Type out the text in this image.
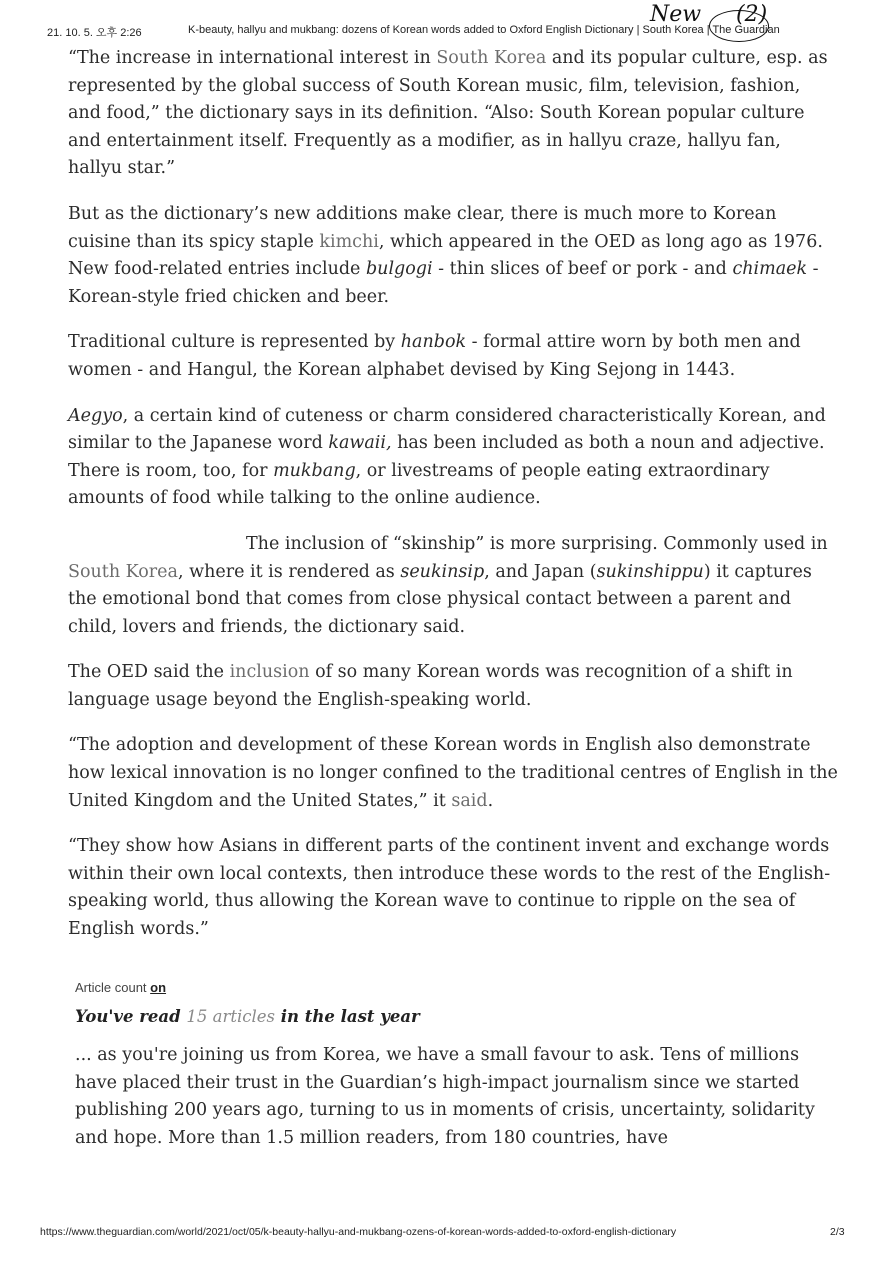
21. 10. 5. 오후 2:26	K-beauty, hallyu and mukbang: dozens of Korean words added to Oxford English Dictionary | South Korea | The Guardian
New (2)

“The increase in international interest in South Korea and its popular culture, esp. as represented by the global success of South Korean music, film, television, fashion, and food,” the dictionary says in its definition. “Also: South Korean popular culture and entertainment itself. Frequently as a modifier, as in hallyu craze, hallyu fan, hallyu star.”

But as the dictionary’s new additions make clear, there is much more to Korean cuisine than its spicy staple kimchi, which appeared in the OED as long ago as 1976. New food-related entries include bulgogi - thin slices of beef or pork - and chimaek - Korean-style fried chicken and beer.

Traditional culture is represented by hanbok - formal attire worn by both men and women - and Hangul, the Korean alphabet devised by King Sejong in 1443.

Aegyo, a certain kind of cuteness or charm considered characteristically Korean, and similar to the Japanese word kawaii, has been included as both a noun and adjective. There is room, too, for mukbang, or livestreams of people eating extraordinary amounts of food while talking to the online audience.

The inclusion of “skinship” is more surprising. Commonly used in South Korea, where it is rendered as seukinsip, and Japan (sukinshippu) it captures the emotional bond that comes from close physical contact between a parent and child, lovers and friends, the dictionary said.

The OED said the inclusion of so many Korean words was recognition of a shift in language usage beyond the English-speaking world.

“The adoption and development of these Korean words in English also demonstrate how lexical innovation is no longer confined to the traditional centres of English in the United Kingdom and the United States,” it said.

“They show how Asians in different parts of the continent invent and exchange words within their own local contexts, then introduce these words to the rest of the English-speaking world, thus allowing the Korean wave to continue to ripple on the sea of English words.”

Article count on
You've read 15 articles in the last year
... as you're joining us from Korea, we have a small favour to ask. Tens of millions have placed their trust in the Guardian’s high-impact journalism since we started publishing 200 years ago, turning to us in moments of crisis, uncertainty, solidarity and hope. More than 1.5 million readers, from 180 countries, have
https://www.theguardian.com/world/2021/oct/05/k-beauty-hallyu-and-mukbang-ozens-of-korean-words-added-to-oxford-english-dictionary	2/3
